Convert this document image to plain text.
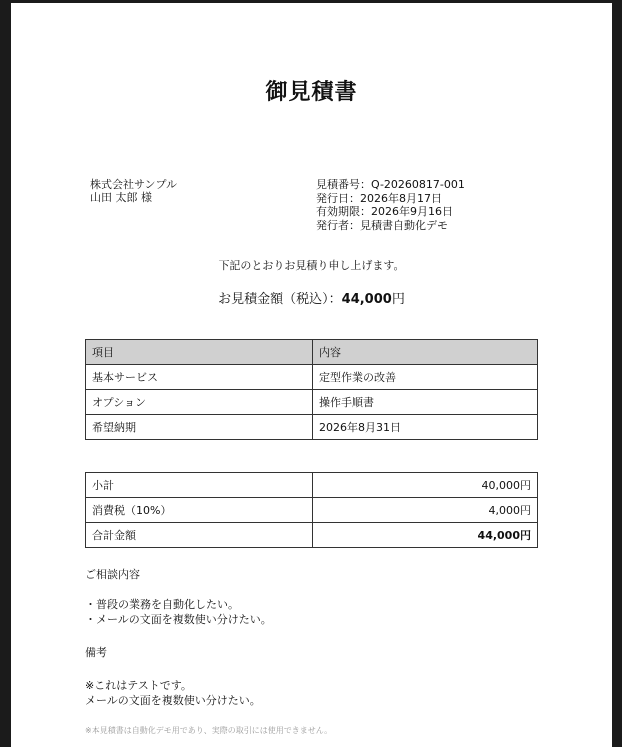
御見積書
株式会社サンプル
山田 太郎 様
見積番号：Q-20260817-001
発行日：2026年8月17日
有効期限：2026年9月16日
発行者：見積書自動化デモ
下記のとおりお見積り申し上げます。
お見積金額（税込）：44,000円
項目	内容
基本サービス	定型作業の改善
オプション	操作手順書
希望納期	2026年8月31日
小計	40,000円
消費税（10%）	4,000円
合計金額	44,000円
ご相談内容
・普段の業務を自動化したい。
・メールの文面を複数使い分けたい。
備考
※これはテストです。
メールの文面を複数使い分けたい。
※本見積書は自動化デモ用であり、実際の取引には使用できません。
